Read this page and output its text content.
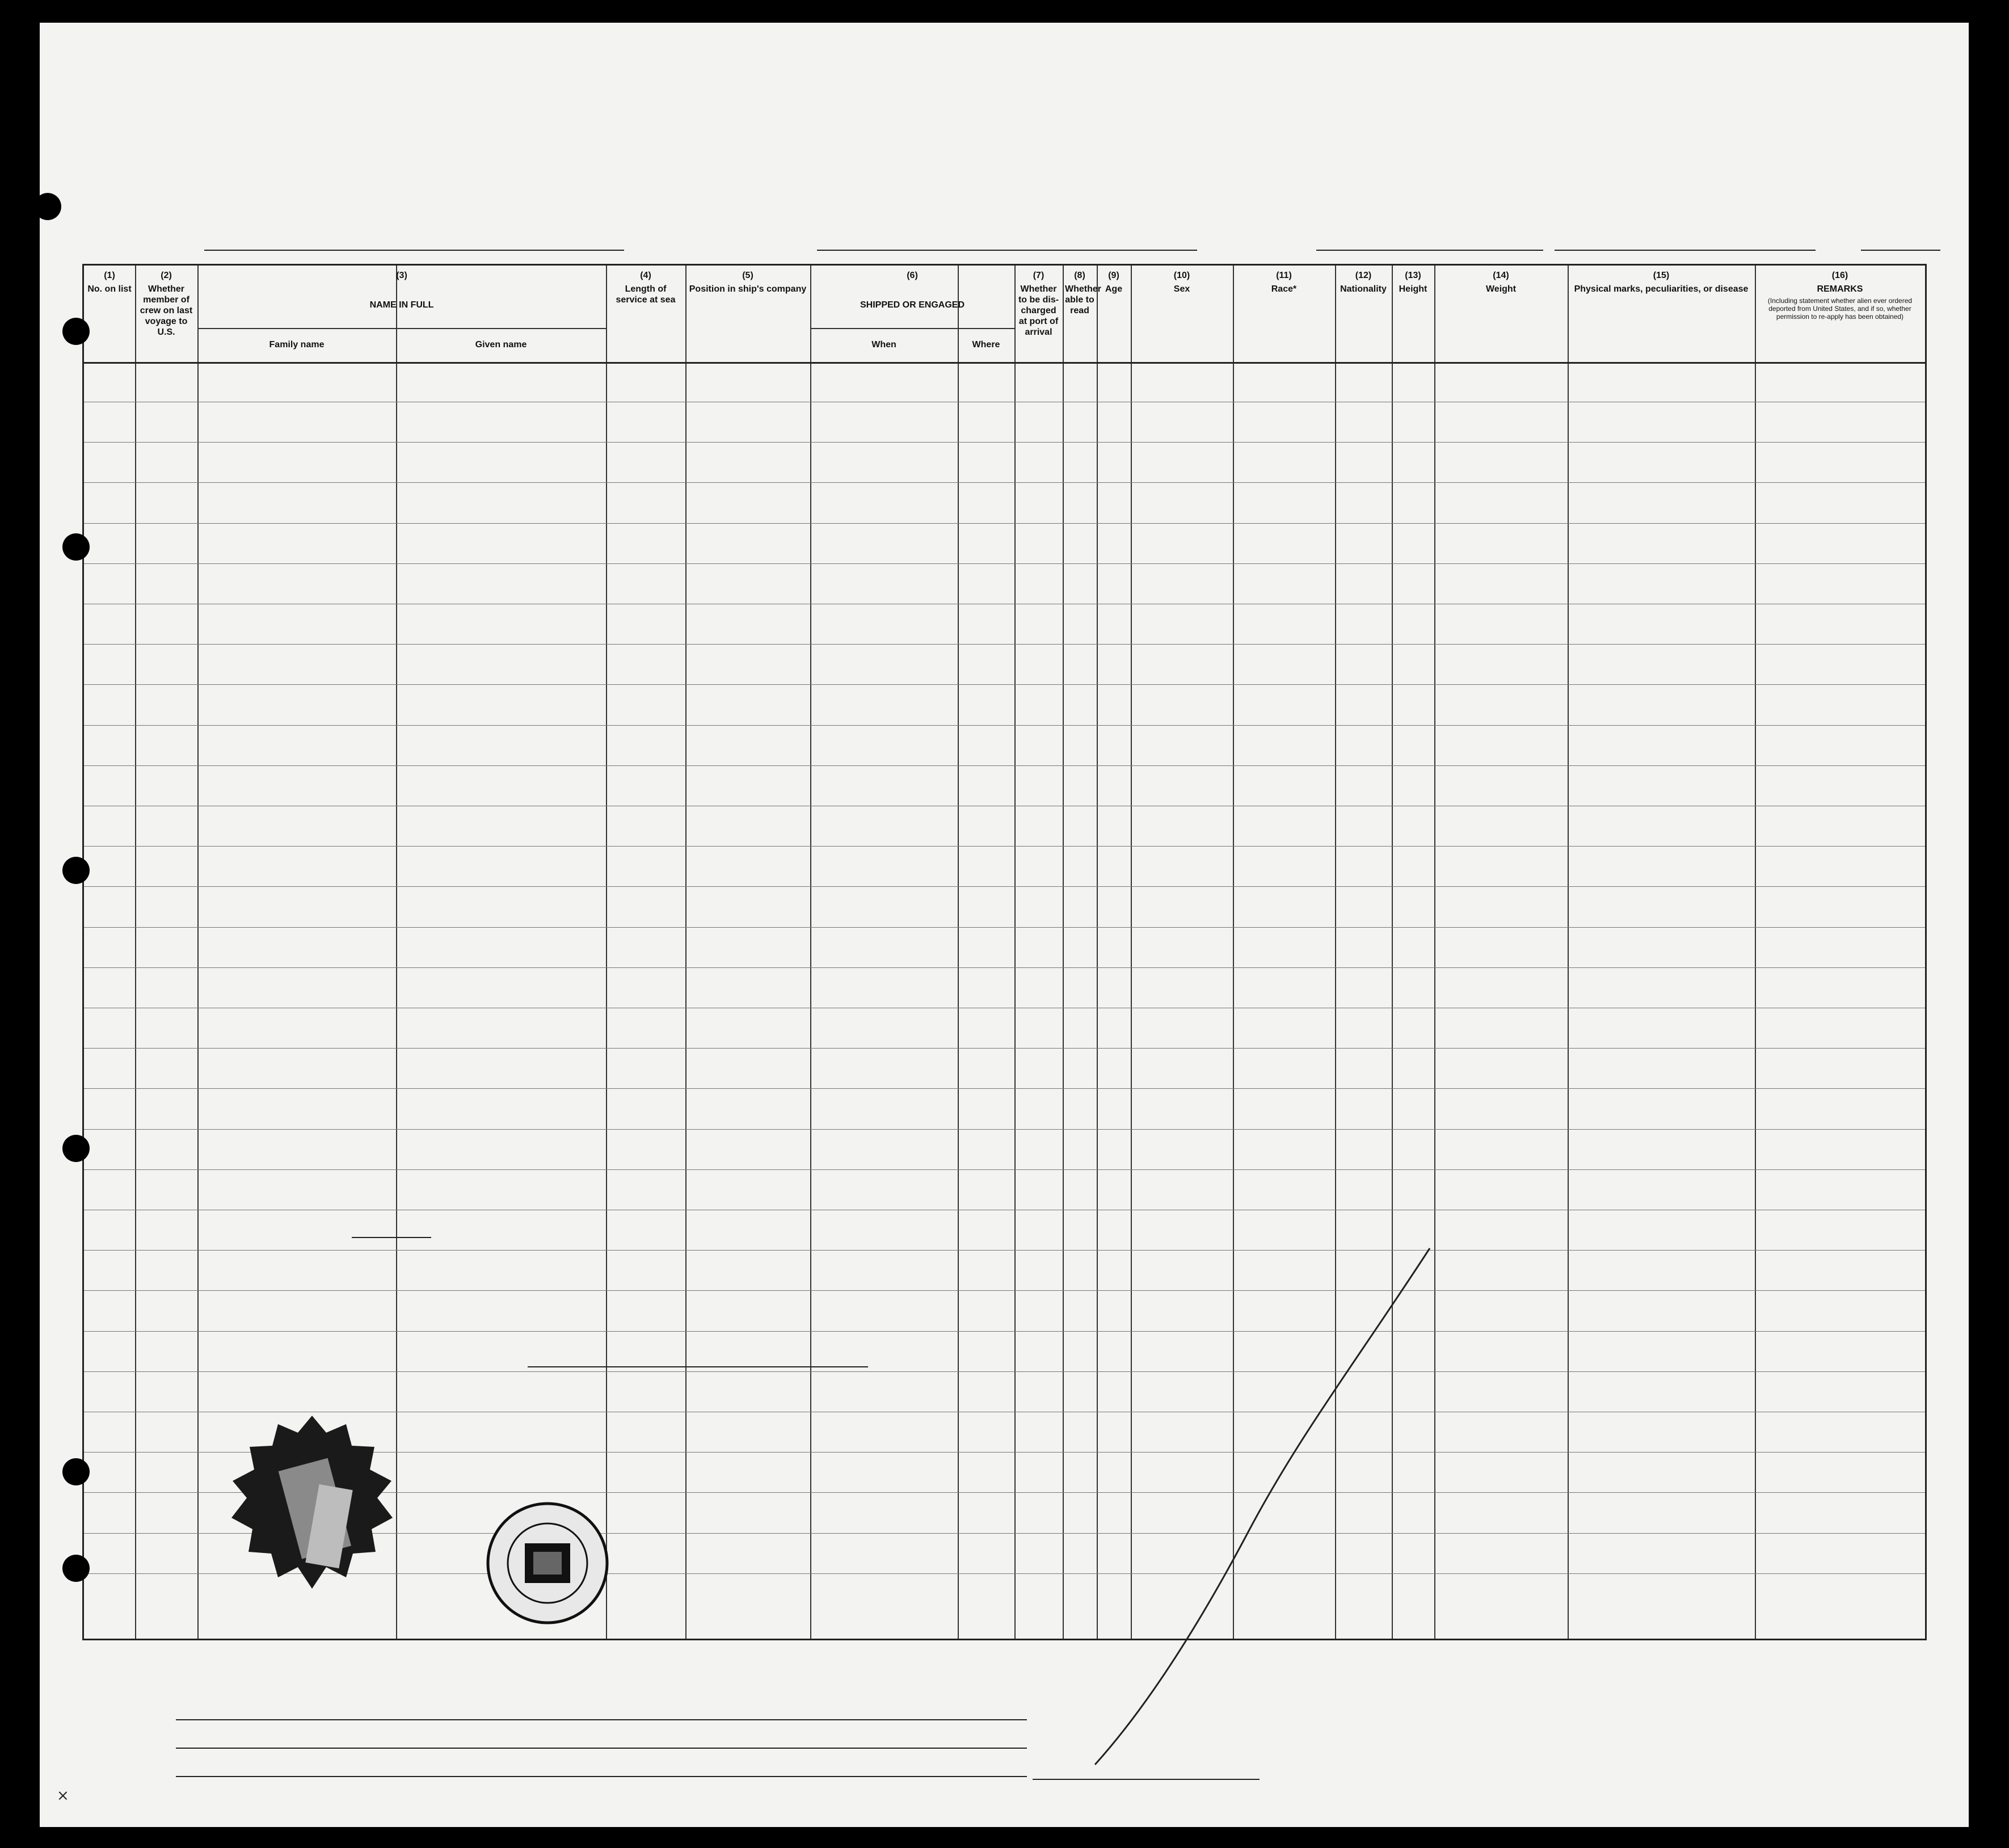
(1)
No. on list
(2)
Whether member of crew on last voyage to U.S.
(3)
NAME IN FULL
Family name	Given name
(4)
Length of service at sea
(5)
Position in ship's company
(6)
SHIPPED OR ENGAGED
When	Where
(7)
Whether to be dis-charged at port of arrival
(8)
Whether able to read
(9)
Age
(10)
Sex
(11)
Race*
(12)
Nationality
(13)
Height
(14)
Weight
(15)
Physical marks, peculiarities, or disease
(16)
REMARKS
(Including statement whether alien ever ordered deported from United States, and if so, whether permission to re-apply has been obtained)
×
